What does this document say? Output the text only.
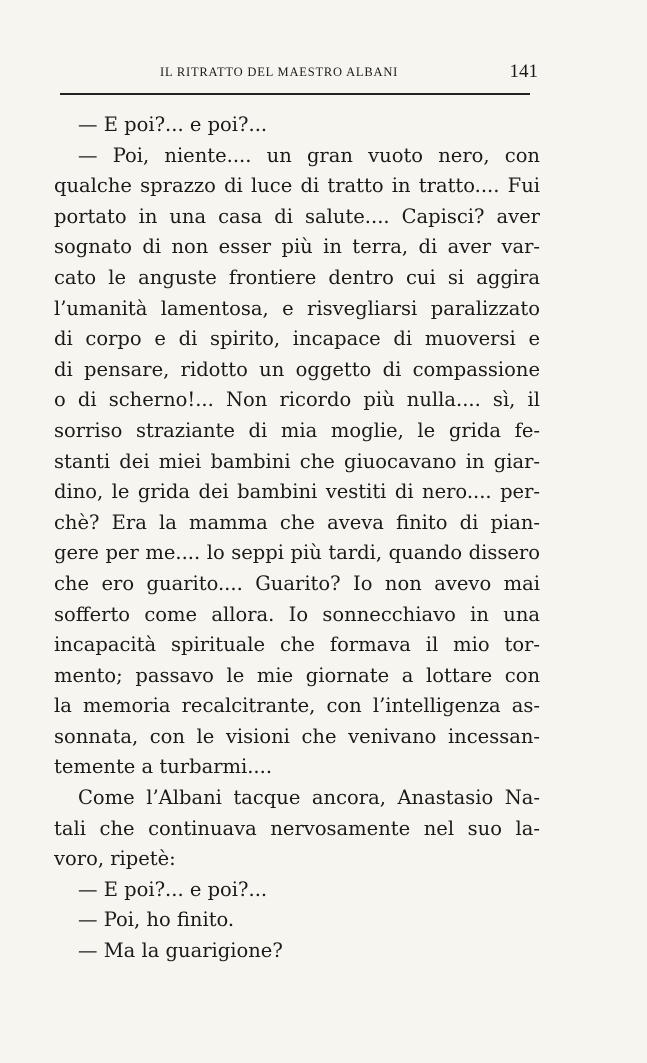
IL RITRATTO DEL MAESTRO ALBANI	141
— E poi?... e poi?...
— Poi, niente.... un gran vuoto nero, con
qualche sprazzo di luce di tratto in tratto.... Fui
portato in una casa di salute.... Capisci? aver
sognato di non esser più in terra, di aver var-
cato le anguste frontiere dentro cui si aggira
l’umanità lamentosa, e risvegliarsi paralizzato
di corpo e di spirito, incapace di muoversi e
di pensare, ridotto un oggetto di compassione
o di scherno!... Non ricordo più nulla.... sì, il
sorriso straziante di mia moglie, le grida fe-
stanti dei miei bambini che giuocavano in giar-
dino, le grida dei bambini vestiti di nero.... per-
chè? Era la mamma che aveva finito di pian-
gere per me.... lo seppi più tardi, quando dissero
che ero guarito.... Guarito? Io non avevo mai
sofferto come allora. Io sonnecchiavo in una
incapacità spirituale che formava il mio tor-
mento; passavo le mie giornate a lottare con
la memoria recalcitrante, con l’intelligenza as-
sonnata, con le visioni che venivano incessan-
temente a turbarmi....
Come l’Albani tacque ancora, Anastasio Na-
tali che continuava nervosamente nel suo la-
voro, ripetè:
— E poi?... e poi?...
— Poi, ho finito.
— Ma la guarigione?
